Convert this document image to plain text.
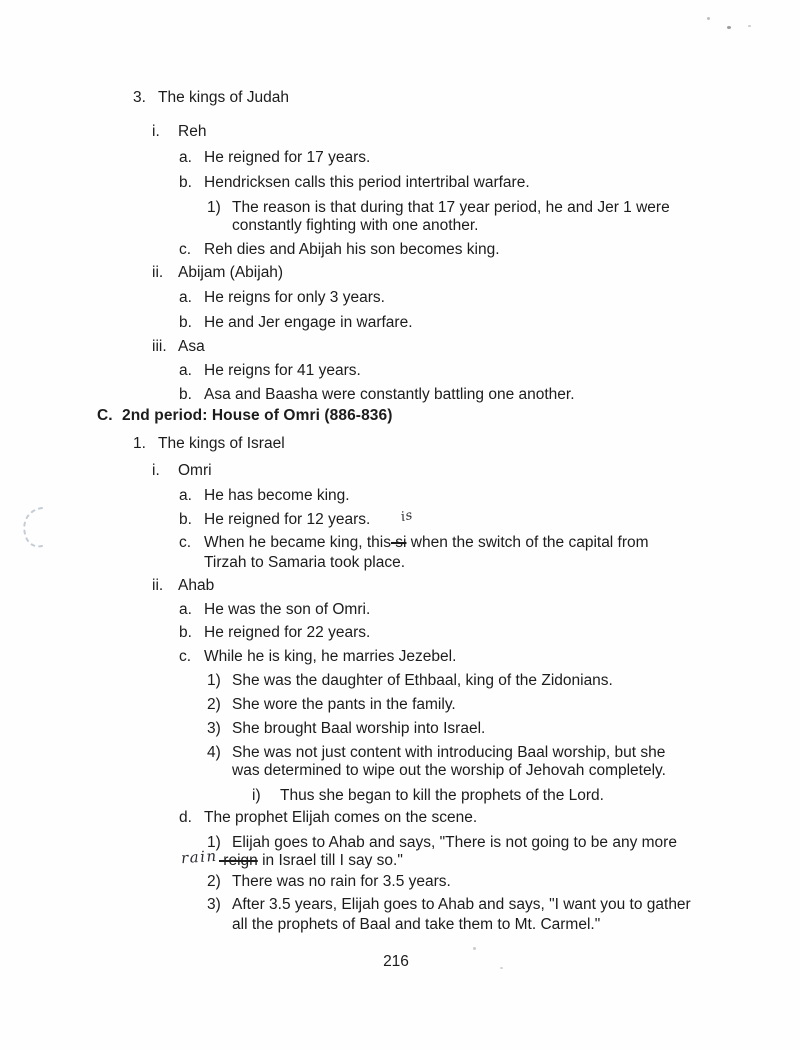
3. The kings of Judah
i. Reh
a. He reigned for 17 years.
b. Hendricksen calls this period intertribal warfare.
1) The reason is that during that 17 year period, he and Jer 1 were
constantly fighting with one another.
c. Reh dies and Abijah his son becomes king.
ii. Abijam (Abijah)
a. He reigns for only 3 years.
b. He and Jer engage in warfare.
iii. Asa
a. He reigns for 41 years.
b. Asa and Baasha were constantly battling one another.
C. 2nd period: House of Omri (886-836)
1. The kings of Israel
i. Omri
a. He has become king.
b. He reigned for 12 years.
c. When he became king, this si when the switch of the capital from
Tirzah to Samaria took place.
ii. Ahab
a. He was the son of Omri.
b. He reigned for 22 years.
c. While he is king, he marries Jezebel.
1) She was the daughter of Ethbaal, king of the Zidonians.
2) She wore the pants in the family.
3) She brought Baal worship into Israel.
4) She was not just content with introducing Baal worship, but she
was determined to wipe out the worship of Jehovah completely.
i) Thus she began to kill the prophets of the Lord.
d. The prophet Elijah comes on the scene.
1) Elijah goes to Ahab and says, "There is not going to be any more
reign in Israel till I say so."
2) There was no rain for 3.5 years.
3) After 3.5 years, Elijah goes to Ahab and says, "I want you to gather
all the prophets of Baal and take them to Mt. Carmel."
is
rain
216
